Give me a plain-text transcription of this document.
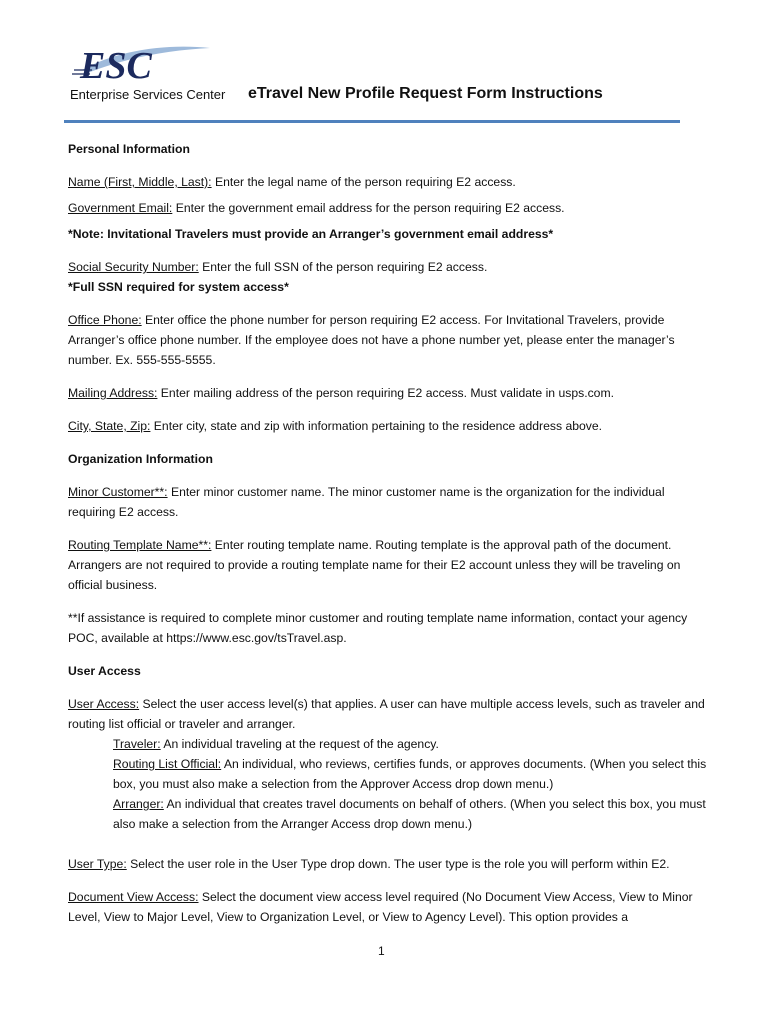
ESC
Enterprise Services Center eTravel New Profile Request Form Instructions

Personal Information

Name (First, Middle, Last): Enter the legal name of the person requiring E2 access.

Government Email: Enter the government email address for the person requiring E2 access.

*Note: Invitational Travelers must provide an Arranger’s government email address*

Social Security Number: Enter the full SSN of the person requiring E2 access.

*Full SSN required for system access*

Office Phone: Enter office the phone number for person requiring E2 access. For Invitational Travelers, provide Arranger’s office phone number. If the employee does not have a phone number yet, please enter the manager’s number. Ex. 555-555-5555.

Mailing Address: Enter mailing address of the person requiring E2 access. Must validate in usps.com.

City, State, Zip: Enter city, state and zip with information pertaining to the residence address above.

Organization Information

Minor Customer**: Enter minor customer name. The minor customer name is the organization for the individual requiring E2 access.

Routing Template Name**: Enter routing template name. Routing template is the approval path of the document. Arrangers are not required to provide a routing template name for their E2 account unless they will be traveling on official business.

**If assistance is required to complete minor customer and routing template name information, contact your agency POC, available at https://www.esc.gov/tsTravel.asp.

User Access

User Access: Select the user access level(s) that applies. A user can have multiple access levels, such as traveler and routing list official or traveler and arranger.

Traveler: An individual traveling at the request of the agency.

Routing List Official: An individual, who reviews, certifies funds, or approves documents. (When you select this box, you must also make a selection from the Approver Access drop down menu.)

Arranger: An individual that creates travel documents on behalf of others. (When you select this box, you must also make a selection from the Arranger Access drop down menu.)

User Type: Select the user role in the User Type drop down. The user type is the role you will perform within E2.

Document View Access: Select the document view access level required (No Document View Access, View to Minor Level, View to Major Level, View to Organization Level, or View to Agency Level). This option provides a

1
